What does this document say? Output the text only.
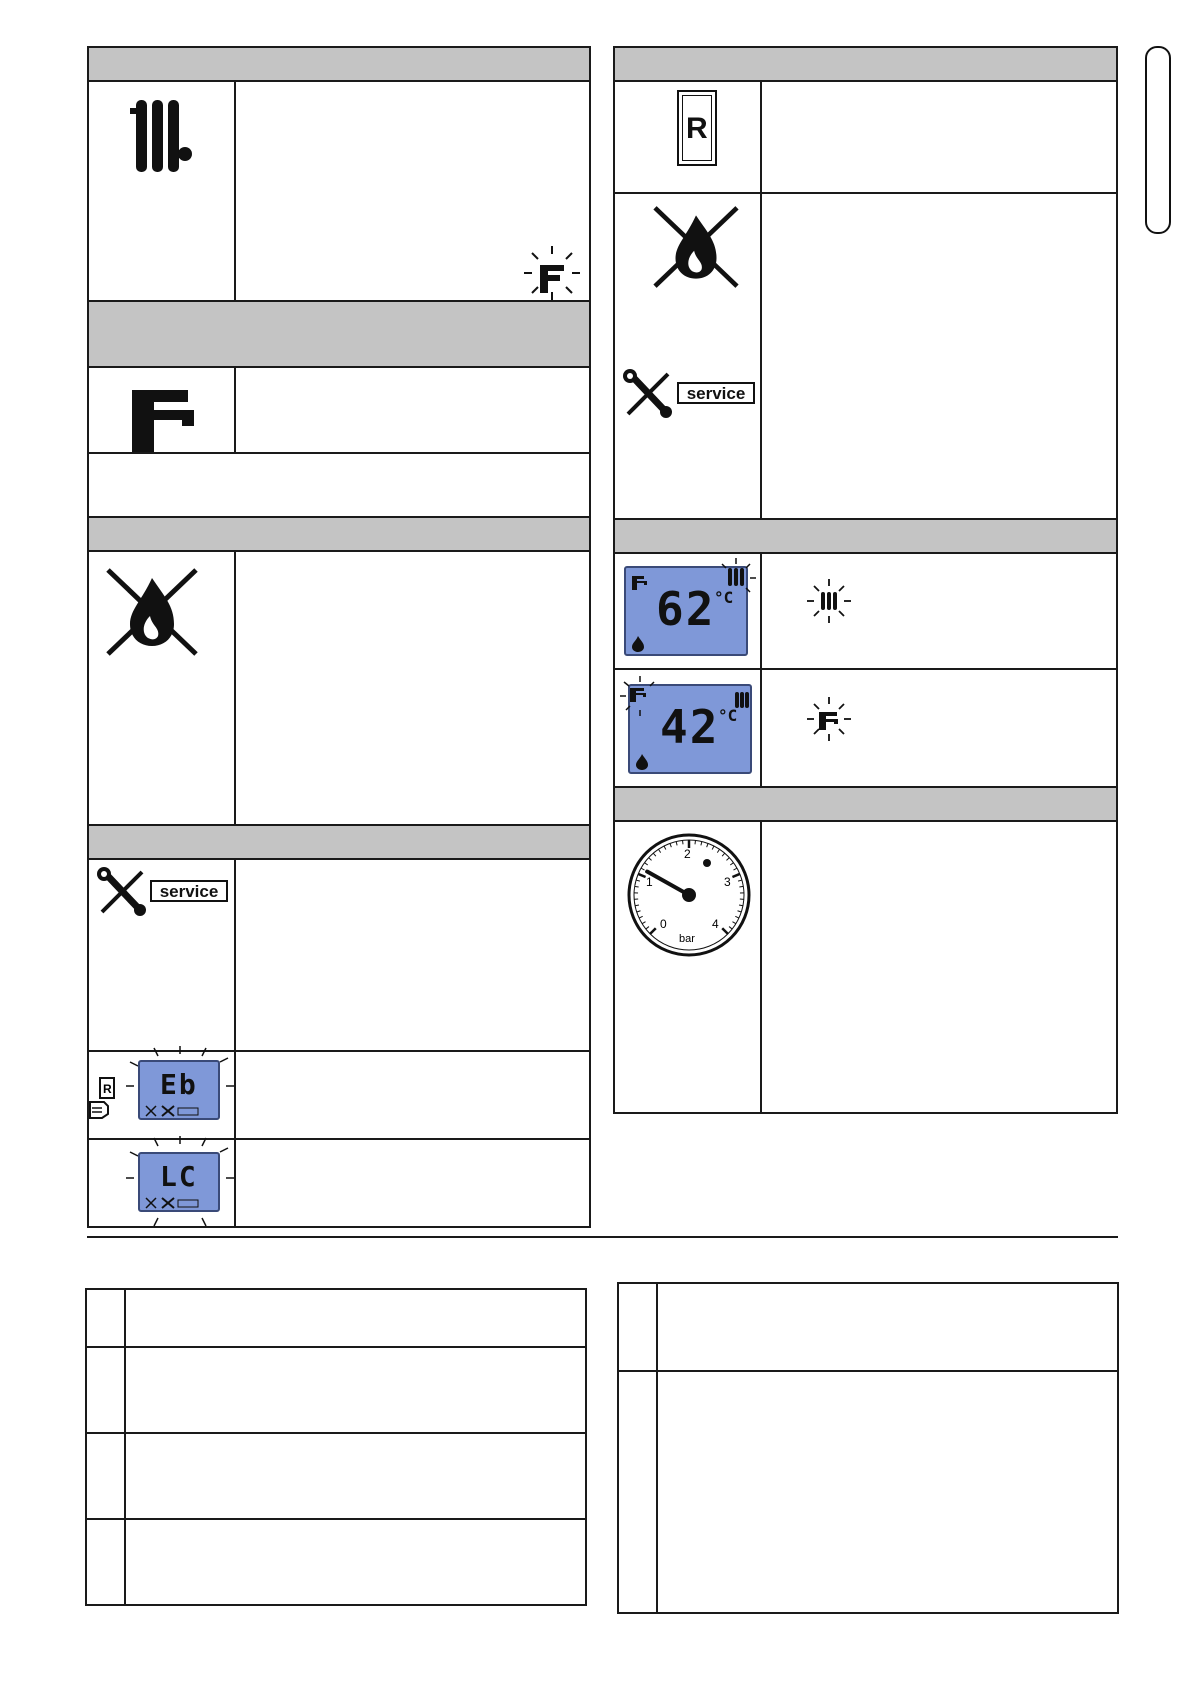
service
R Eb
LC
R
service
62
°C
42
°C
0
1
2
3
4
bar
